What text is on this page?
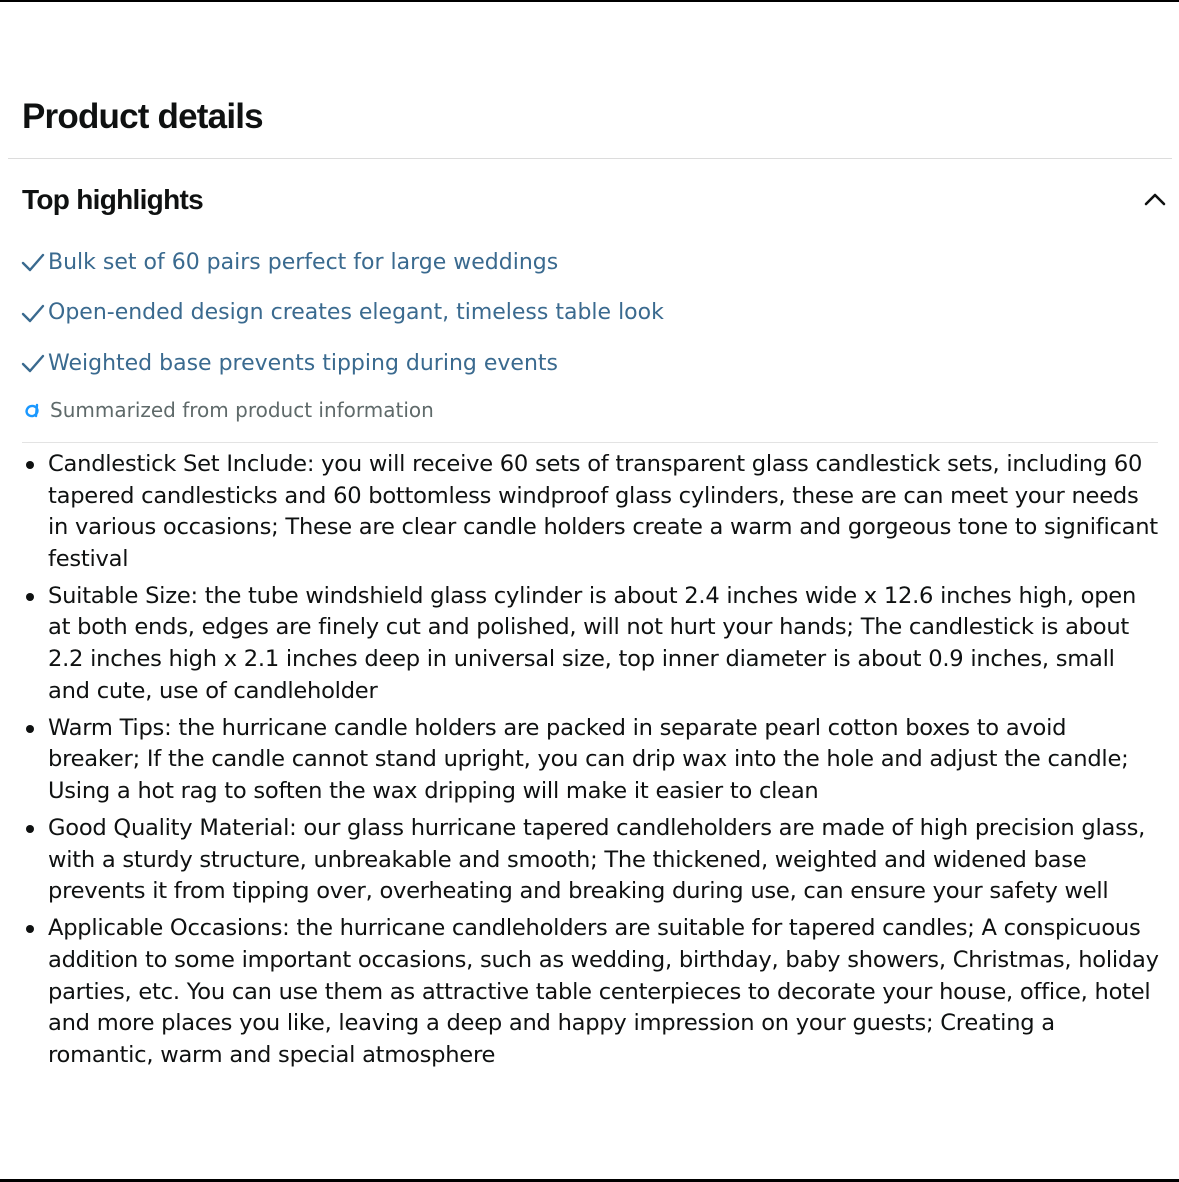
Product details
Top highlights
Bulk set of 60 pairs perfect for large weddings
Open-ended design creates elegant, timeless table look
Weighted base prevents tipping during events
Summarized from product information
Candlestick Set Include: you will receive 60 sets of transparent glass candlestick sets, including 60 tapered candlesticks and 60 bottomless windproof glass cylinders, these are can meet your needs in various occasions; These are clear candle holders create a warm and gorgeous tone to significant festival
Suitable Size: the tube windshield glass cylinder is about 2.4 inches wide x 12.6 inches high, open at both ends, edges are finely cut and polished, will not hurt your hands; The candlestick is about 2.2 inches high x 2.1 inches deep in universal size, top inner diameter is about 0.9 inches, small and cute, use of candleholder
Warm Tips: the hurricane candle holders are packed in separate pearl cotton boxes to avoid breaker; If the candle cannot stand upright, you can drip wax into the hole and adjust the candle; Using a hot rag to soften the wax dripping will make it easier to clean
Good Quality Material: our glass hurricane tapered candleholders are made of high precision glass, with a sturdy structure, unbreakable and smooth; The thickened, weighted and widened base prevents it from tipping over, overheating and breaking during use, can ensure your safety well
Applicable Occasions: the hurricane candleholders are suitable for tapered candles; A conspicuous addition to some important occasions, such as wedding, birthday, baby showers, Christmas, holiday parties, etc. You can use them as attractive table centerpieces to decorate your house, office, hotel and more places you like, leaving a deep and happy impression on your guests; Creating a romantic, warm and special atmosphere
